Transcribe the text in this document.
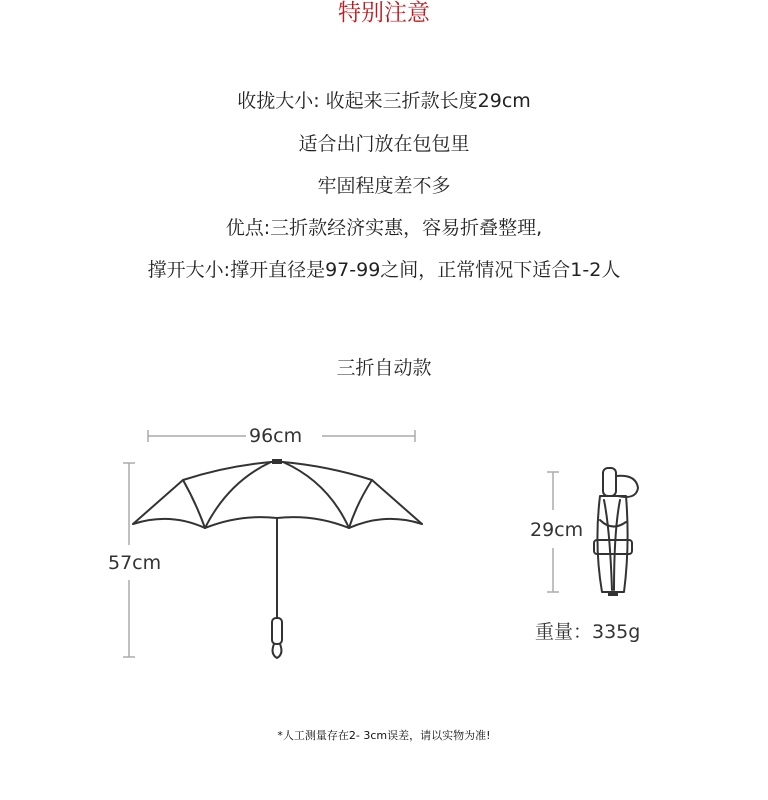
特别注意
收拢大小: 收起来三折款长度29cm
适合出门放在包包里
牢固程度差不多
优点:三折款经济实惠，容易折叠整理,
撑开大小:撑开直径是97-99之间，正常情况下适合1-2人
三折自动款
96cm
57cm
29cm
重量：335g
*人工测量存在2- 3cm误差，请以实物为准!
